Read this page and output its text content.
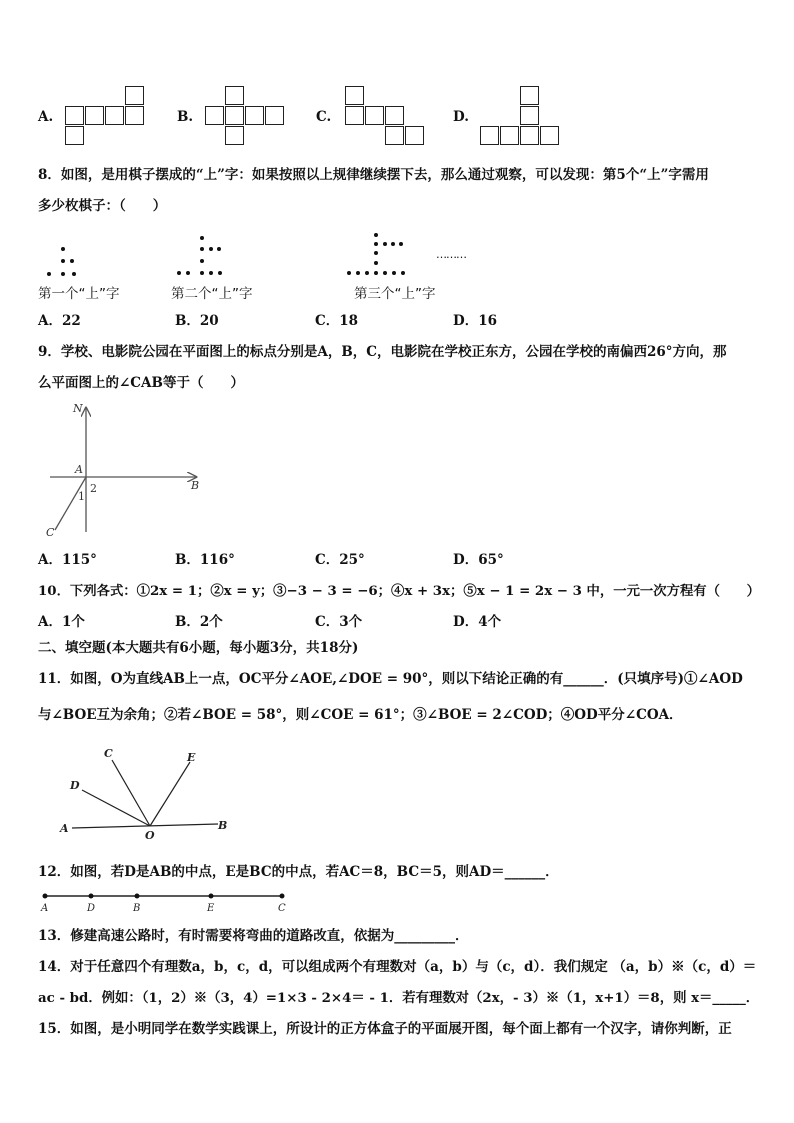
A.	B.	C.	D.
8．如图，是用棋子摆成的“上”字：如果按照以上规律继续摆下去，那么通过观察，可以发现：第5个“上”字需用
多少枚棋子：（　　）
………
第一个“上”字	第二个“上”字	第三个“上”字
A．22	B．20	C．18	D．16
9．学校、电影院公园在平面图上的标点分别是A，B，C，电影院在学校正东方，公园在学校的南偏西26°方向，那
么平面图上的∠CAB等于（　　）
N
A
B
C
2
1
A．115°	B．116°	C．25°	D．65°
10．下列各式：①2x = 1；②x = y；③−3 − 3 = −6；④x + 3x；⑤x − 1 = 2x − 3 中，一元一次方程有（　　）
A．1个	B．2个	C．3个	D．4个
二、填空题(本大题共有6小题，每小题3分，共18分)
11．如图，O为直线AB上一点，OC平分∠AOE,∠DOE = 90°，则以下结论正确的有______．(只填序号)①∠AOD
与∠BOE互为余角；②若∠BOE = 58°，则∠COE = 61°；③∠BOE = 2∠COD；④OD平分∠COA．
A	B
C
D
E
O
12．如图，若D是AB的中点，E是BC的中点，若AC＝8，BC＝5，则AD＝______．
A	D	B	E	C
13．修建高速公路时，有时需要将弯曲的道路改直，依据为_________．
14．对于任意四个有理数a，b，c，d，可以组成两个有理数对（a，b）与（c，d）．我们规定 （a，b）※（c，d）＝
ac - bd．例如：（1，2）※（3，4）=1×3 - 2×4＝ - 1．若有理数对（2x，- 3）※（1，x+1）＝8，则 x＝_____．
15．如图，是小明同学在数学实践课上，所设计的正方体盒子的平面展开图，每个面上都有一个汉字，请你判断，正
